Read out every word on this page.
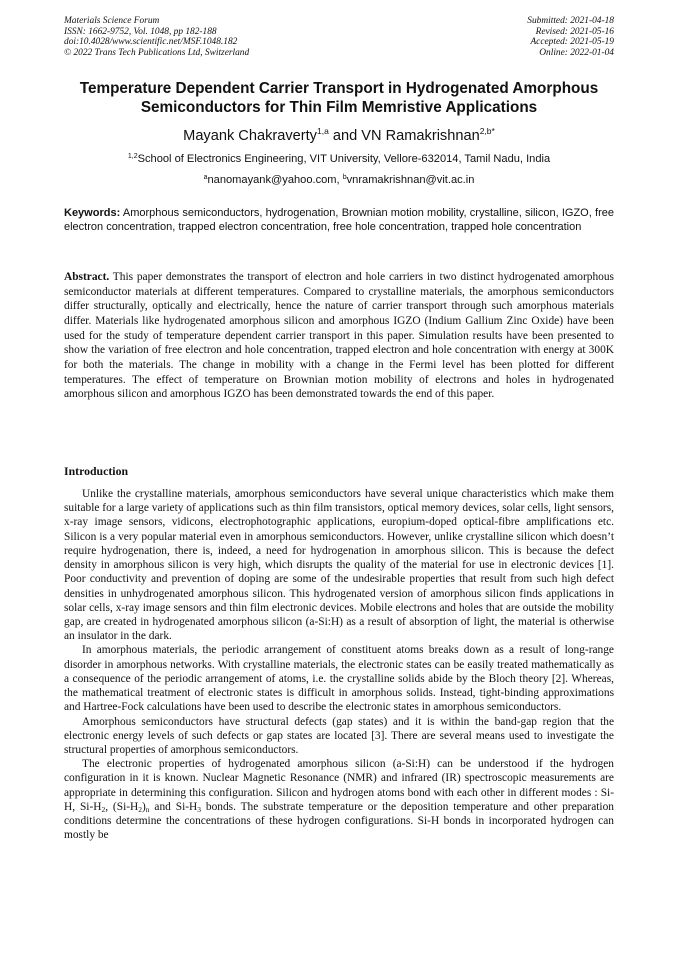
Materials Science Forum
ISSN: 1662-9752, Vol. 1048, pp 182-188
doi:10.4028/www.scientific.net/MSF.1048.182
© 2022 Trans Tech Publications Ltd, Switzerland
Submitted: 2021-04-18
Revised: 2021-05-16
Accepted: 2021-05-19
Online: 2022-01-04
Temperature Dependent Carrier Transport in Hydrogenated Amorphous
Semiconductors for Thin Film Memristive Applications
Mayank Chakraverty$^{1,a}$ and VN Ramakrishnan$^{2,b*}$
$^{1,2}$School of Electronics Engineering, VIT University, Vellore-632014, Tamil Nadu, India
$^a$nanomayank@yahoo.com, $^b$vnramakrishnan@vit.ac.in
Keywords: Amorphous semiconductors, hydrogenation, Brownian motion mobility, crystalline, silicon, IGZO, free electron concentration, trapped electron concentration, free hole concentration, trapped hole concentration
Abstract. This paper demonstrates the transport of electron and hole carriers in two distinct hydrogenated amorphous semiconductor materials at different temperatures. Compared to crystalline materials, the amorphous semiconductors differ structurally, optically and electrically, hence the nature of carrier transport through such amorphous materials differ. Materials like hydrogenated amorphous silicon and amorphous IGZO (Indium Gallium Zinc Oxide) have been used for the study of temperature dependent carrier transport in this paper. Simulation results have been presented to show the variation of free electron and hole concentration, trapped electron and hole concentration with energy at 300K for both the materials. The change in mobility with a change in the Fermi level has been plotted for different temperatures. The effect of temperature on Brownian motion mobility of electrons and holes in hydrogenated amorphous silicon and amorphous IGZO has been demonstrated towards the end of this paper.
Introduction

Unlike the crystalline materials, amorphous semiconductors have several unique characteristics which make them suitable for a large variety of applications such as thin film transistors, optical memory devices, solar cells, light sensors, x-ray image sensors, vidicons, electrophotographic applications, europium-doped optical-fibre amplifications etc. Silicon is a very popular material even in amorphous semiconductors. However, unlike crystalline silicon which doesn’t require hydrogenation, there is, indeed, a need for hydrogenation in amorphous silicon. This is because the defect density in amorphous silicon is very high, which disrupts the quality of the material for use in electronic devices [1]. Poor conductivity and prevention of doping are some of the undesirable properties that result from such high defect densities in unhydrogenated amorphous silicon. This hydrogenated version of amorphous silicon finds applications in solar cells, x-ray image sensors and thin film electronic devices. Mobile electrons and holes that are outside the mobility gap, are created in hydrogenated amorphous silicon (a-Si:H) as a result of absorption of light, the material is otherwise an insulator in the dark.

In amorphous materials, the periodic arrangement of constituent atoms breaks down as a result of long-range disorder in amorphous networks. With crystalline materials, the electronic states can be easily treated mathematically as a consequence of the periodic arrangement of atoms, i.e. the crystalline solids abide by the Bloch theory [2]. Whereas, the mathematical treatment of electronic states is difficult in amorphous solids. Instead, tight-binding approximations and Hartree-Fock calculations have been used to describe the electronic states in amorphous semiconductors.

Amorphous semiconductors have structural defects (gap states) and it is within the band-gap region that the electronic energy levels of such defects or gap states are located [3]. There are several means used to investigate the structural properties of amorphous semiconductors.

The electronic properties of hydrogenated amorphous silicon (a-Si:H) can be understood if the hydrogen configuration in it is known. Nuclear Magnetic Resonance (NMR) and infrared (IR) spectroscopic measurements are appropriate in determining this configuration. Silicon and hydrogen atoms bond with each other in different modes : Si-H, $Si-H_2$, $(Si-H_2)_n$ and $Si-H_3$ bonds. The substrate temperature or the deposition temperature and other preparation conditions determine the concentrations of these hydrogen configurations. Si-H bonds in incorporated hydrogen can mostly be
